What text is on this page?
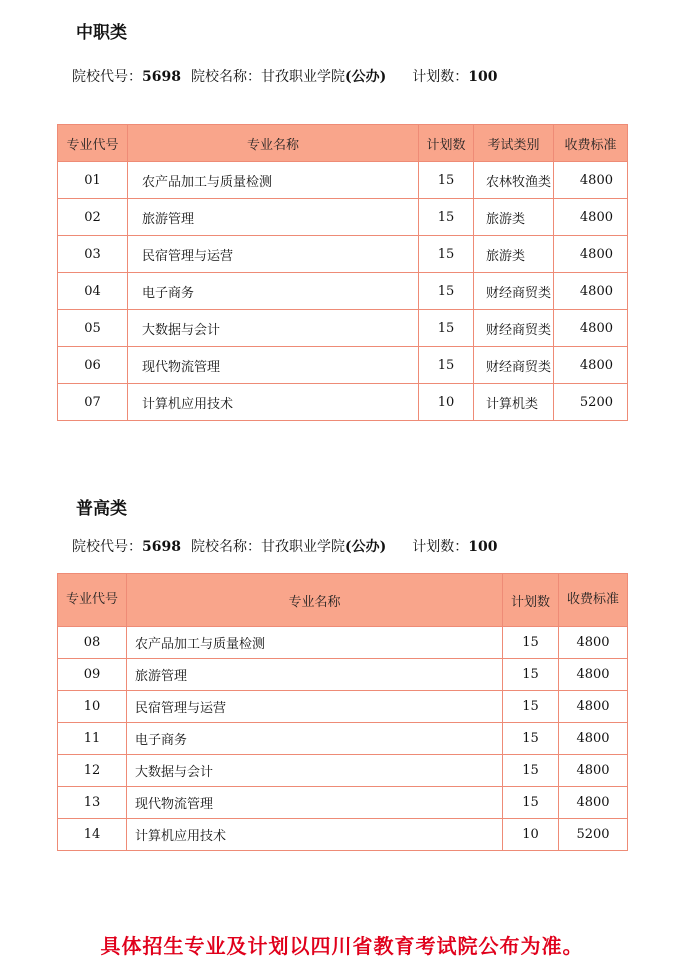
中职类
院校代号：5698 院校名称：甘孜职业学院(公办) 计划数：100
专业代号	专业名称	计划数	考试类别	收费标准
01	农产品加工与质量检测	15	农林牧渔类	4800
02	旅游管理	15	旅游类	4800
03	民宿管理与运营	15	旅游类	4800
04	电子商务	15	财经商贸类	4800
05	大数据与会计	15	财经商贸类	4800
06	现代物流管理	15	财经商贸类	4800
07	计算机应用技术	10	计算机类	5200
普高类
院校代号：5698 院校名称：甘孜职业学院(公办) 计划数：100
专业代号	专业名称	计划数	收费标准
08	农产品加工与质量检测	15	4800
09	旅游管理	15	4800
10	民宿管理与运营	15	4800
11	电子商务	15	4800
12	大数据与会计	15	4800
13	现代物流管理	15	4800
14	计算机应用技术	10	5200
具体招生专业及计划以四川省教育考试院公布为准。
